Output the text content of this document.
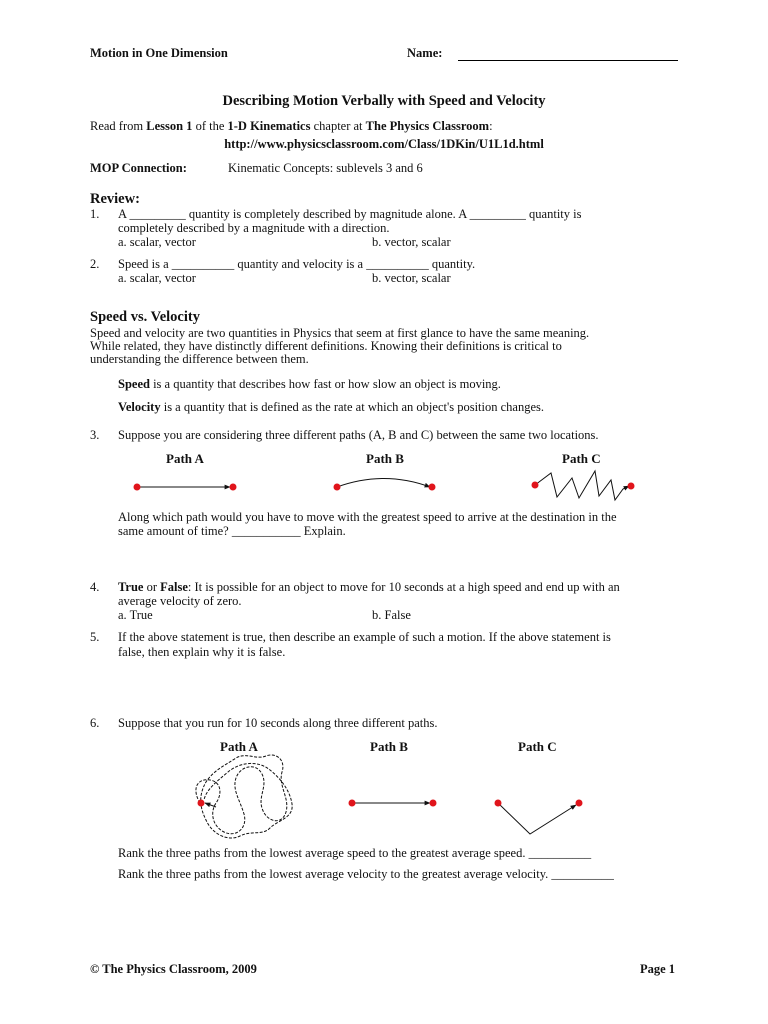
Motion in One Dimension	Name:
Describing Motion Verbally with Speed and Velocity
Read from Lesson 1 of the 1-D Kinematics chapter at The Physics Classroom:
http://www.physicsclassroom.com/Class/1DKin/U1L1d.html
MOP Connection:	Kinematic Concepts: sublevels 3 and 6
Review:
1. A _________ quantity is completely described by magnitude alone. A _________ quantity is
completely described by a magnitude with a direction.
a. scalar, vector	b. vector, scalar
2. Speed is a __________ quantity and velocity is a __________ quantity.
a. scalar, vector	b. vector, scalar
Speed vs. Velocity
Speed and velocity are two quantities in Physics that seem at first glance to have the same meaning.
While related, they have distinctly different definitions. Knowing their definitions is critical to
understanding the difference between them.
Speed is a quantity that describes how fast or how slow an object is moving.
Velocity is a quantity that is defined as the rate at which an object's position changes.
3. Suppose you are considering three different paths (A, B and C) between the same two locations.
Path A	Path B	Path C
Along which path would you have to move with the greatest speed to arrive at the destination in the
same amount of time? ___________ Explain.
4. True or False: It is possible for an object to move for 10 seconds at a high speed and end up with an
average velocity of zero.
a. True	b. False
5. If the above statement is true, then describe an example of such a motion. If the above statement is
false, then explain why it is false.
6. Suppose that you run for 10 seconds along three different paths.
Path A	Path B	Path C
Rank the three paths from the lowest average speed to the greatest average speed. __________
Rank the three paths from the lowest average velocity to the greatest average velocity. __________
© The Physics Classroom, 2009	Page 1
